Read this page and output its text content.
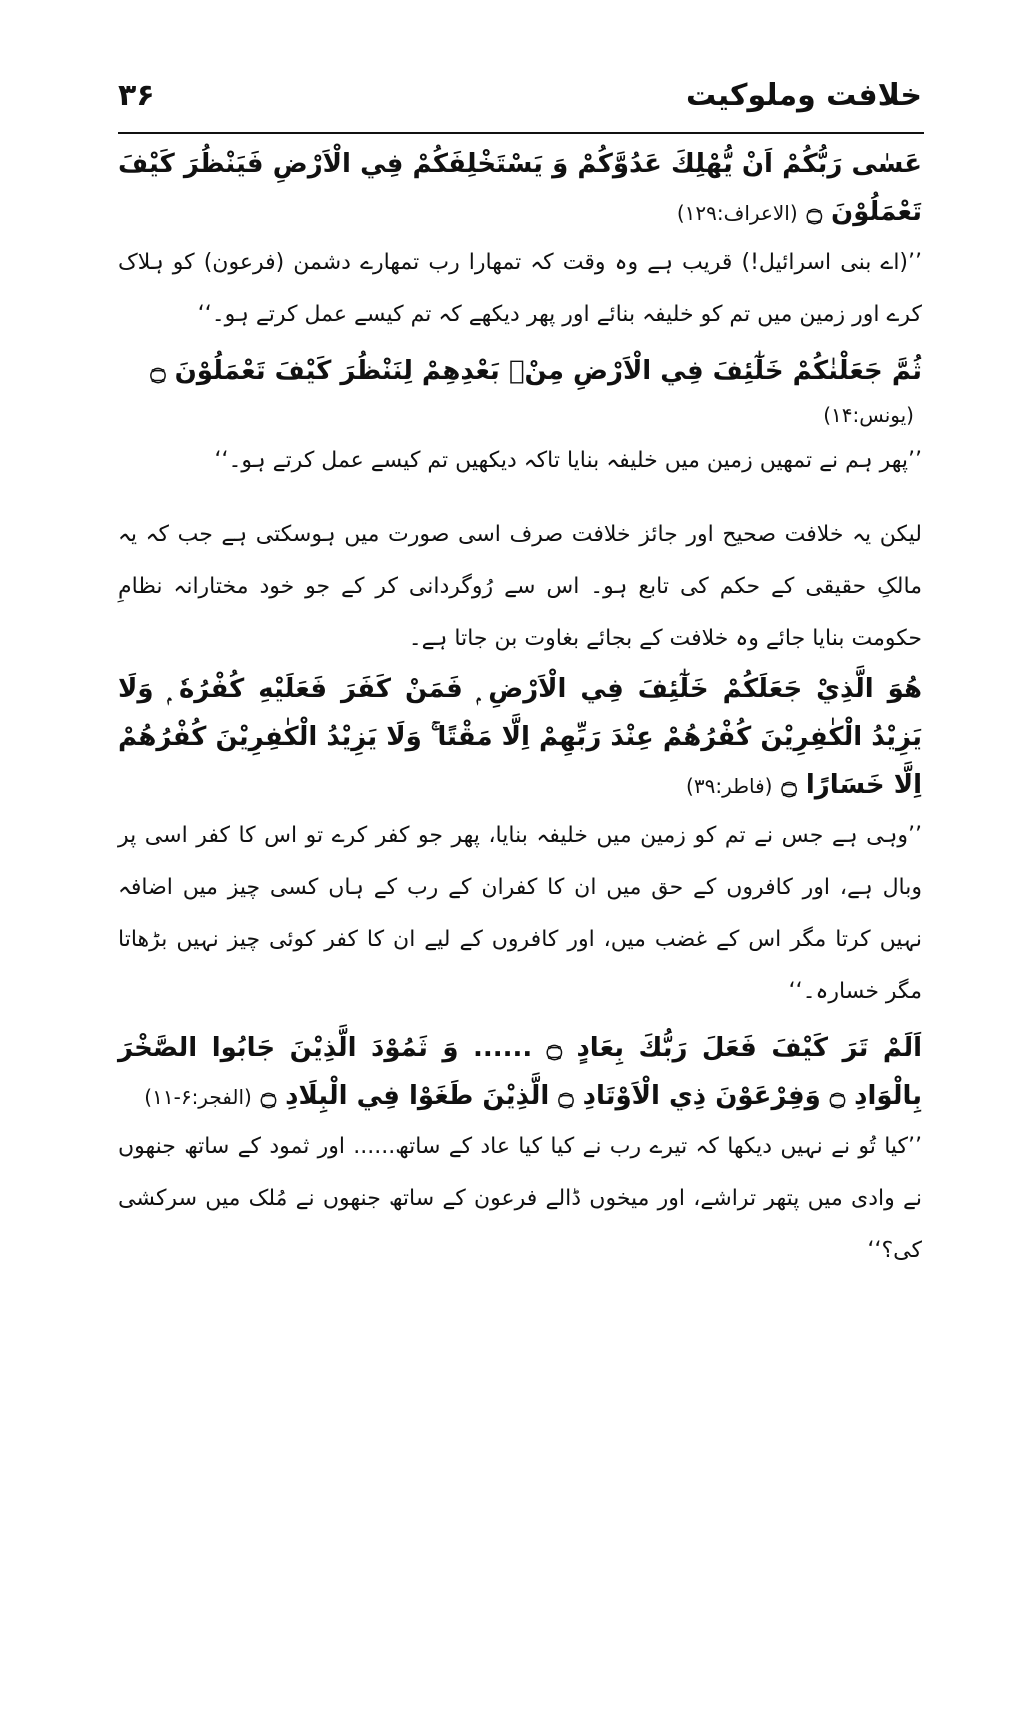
خلافت وملوکیت
۳۶

عَسٰى رَبُّكُمْ اَنْ يُّهْلِكَ عَدُوَّكُمْ وَ يَسْتَخْلِفَكُمْ فِي الْاَرْضِ فَيَنْظُرَ كَيْفَ تَعْمَلُوْنَ ۝ (الاعراف:۱۲۹)

’’(اے بنی اسرائیل!) قریب ہے وہ وقت کہ تمھارا رب تمھارے دشمن (فرعون) کو ہلاک کرے اور زمین میں تم کو خلیفہ بنائے اور پھر دیکھے کہ تم کیسے عمل کرتے ہو۔‘‘

ثُمَّ جَعَلْنٰكُمْ خَلٰٓئِفَ فِي الْاَرْضِ مِنْۢ بَعْدِهِمْ لِنَنْظُرَ كَيْفَ تَعْمَلُوْنَ ۝

(یونس:۱۴)

’’پھر ہم نے تمھیں زمین میں خلیفہ بنایا تاکہ دیکھیں تم کیسے عمل کرتے ہو۔‘‘

لیکن یہ خلافت صحیح اور جائز خلافت صرف اسی صورت میں ہوسکتی ہے جب کہ یہ مالکِ حقیقی کے حکم کی تابع ہو۔ اس سے رُوگردانی کر کے جو خود مختارانہ نظامِ حکومت بنایا جائے وہ خلافت کے بجائے بغاوت بن جاتا ہے۔

هُوَ الَّذِيْ جَعَلَكُمْ خَلٰٓئِفَ فِي الْاَرْضِ ۭ فَمَنْ كَفَرَ فَعَلَيْهِ كُفْرُهٗ ۭ وَلَا يَزِيْدُ الْكٰفِرِيْنَ كُفْرُهُمْ عِنْدَ رَبِّهِمْ اِلَّا مَقْتًا ۚ وَلَا يَزِيْدُ الْكٰفِرِيْنَ كُفْرُهُمْ اِلَّا خَسَارًا ۝ (فاطر:۳۹)

’’وہی ہے جس نے تم کو زمین میں خلیفہ بنایا، پھر جو کفر کرے تو اس کا کفر اسی پر وبال ہے، اور کافروں کے حق میں ان کا کفران کے رب کے ہاں کسی چیز میں اضافہ نہیں کرتا مگر اس کے غضب میں، اور کافروں کے لیے ان کا کفر کوئی چیز نہیں بڑھاتا مگر خسارہ۔‘‘

اَلَمْ تَرَ كَيْفَ فَعَلَ رَبُّكَ بِعَادٍ ۝ ...... وَ ثَمُوْدَ الَّذِيْنَ جَابُوا الصَّخْرَ بِالْوَادِ ۝ وَفِرْعَوْنَ ذِي الْاَوْتَادِ ۝ الَّذِيْنَ طَغَوْا فِي الْبِلَادِ ۝ (الفجر:۶-۱۱)

’’کیا تُو نے نہیں دیکھا کہ تیرے رب نے کیا کیا عاد کے ساتھ...... اور ثمود کے ساتھ جنھوں نے وادی میں پتھر تراشے، اور میخوں ڈالے فرعون کے ساتھ جنھوں نے مُلک میں سرکشی کی؟‘‘
